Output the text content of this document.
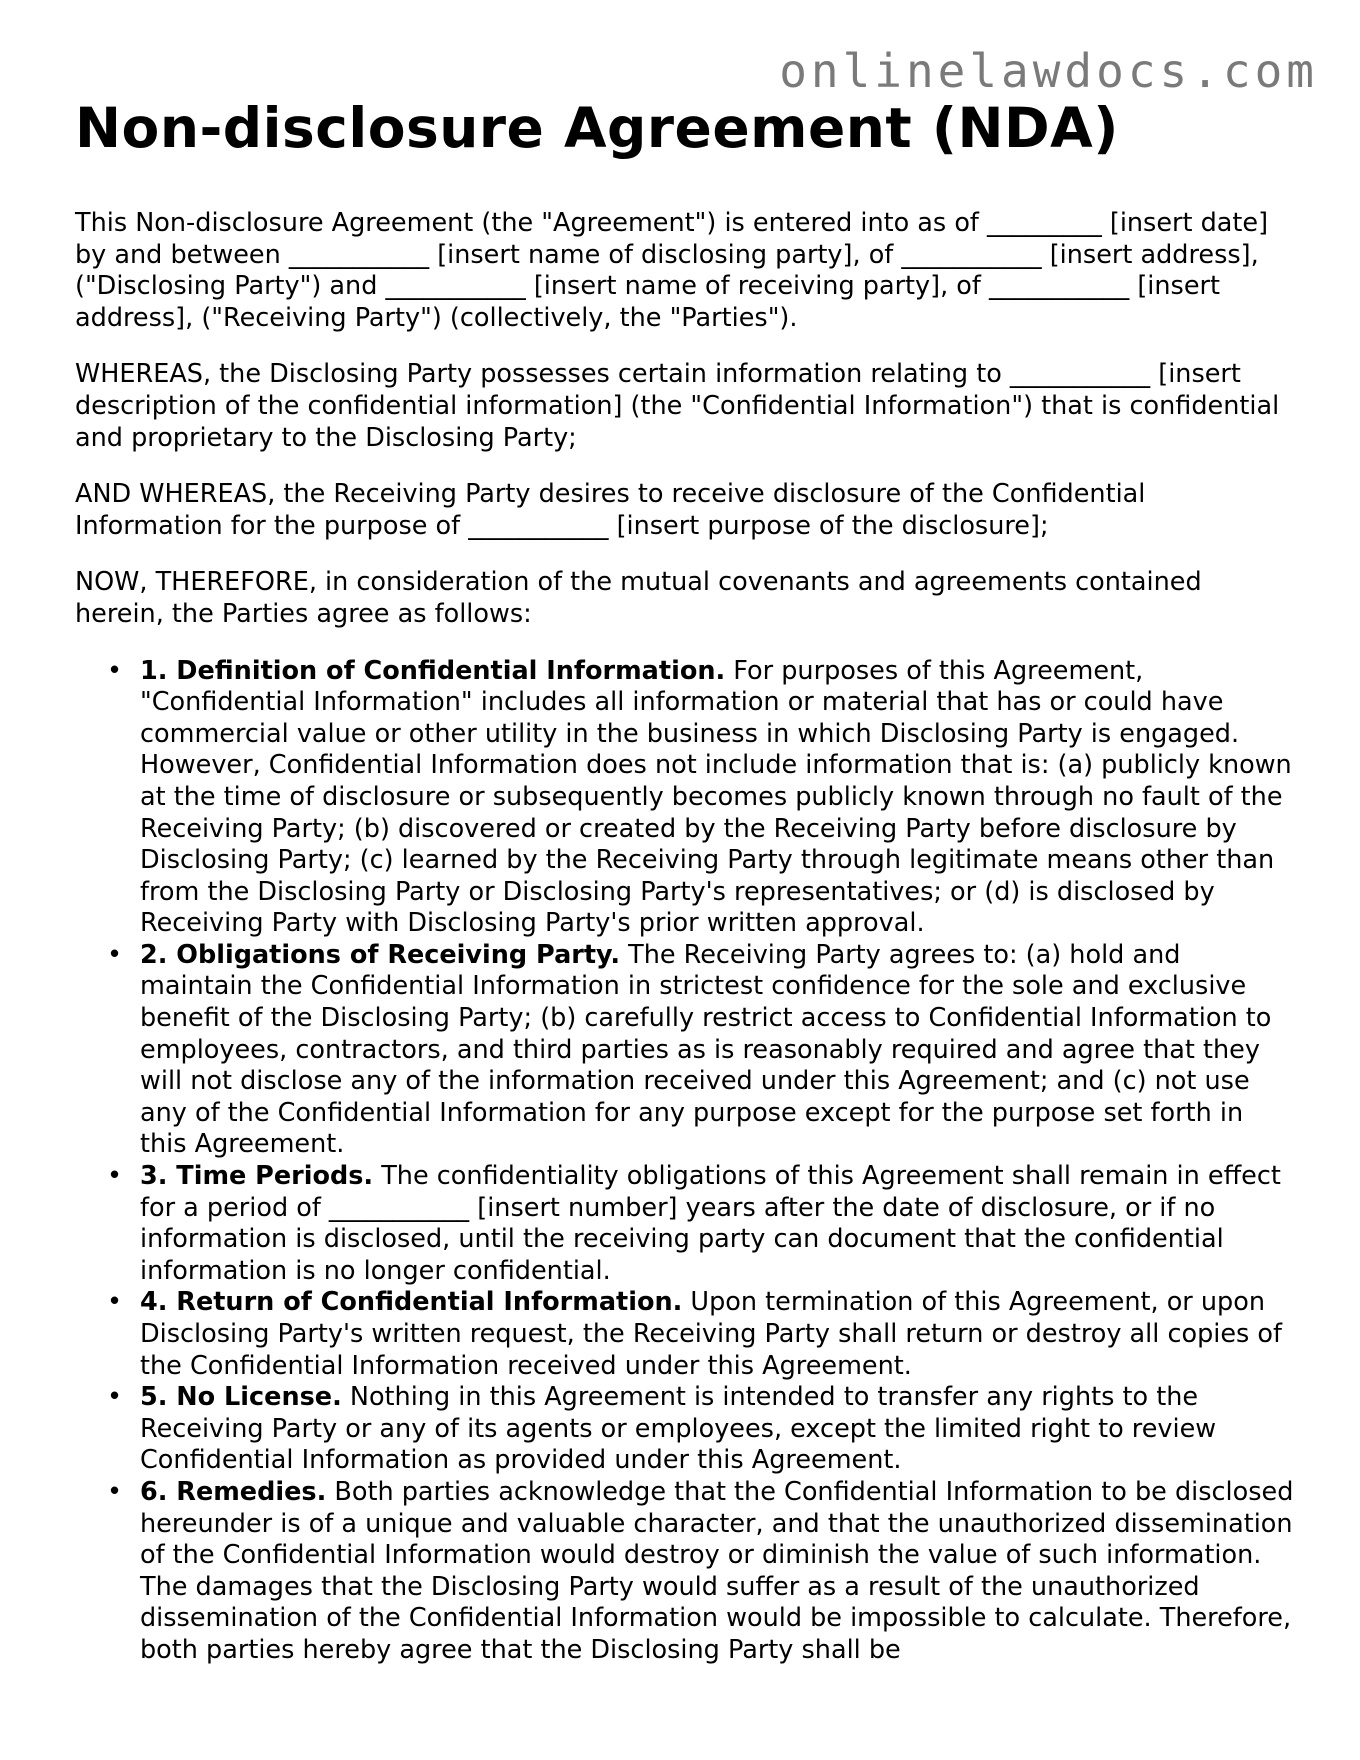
onlinelawdocs.com
Non-disclosure Agreement (NDA)

This Non-disclosure Agreement (the "Agreement") is entered into as of _________ [insert date] by and between ___________ [insert name of disclosing party], of ___________ [insert address], ("Disclosing Party") and ___________ [insert name of receiving party], of ___________ [insert address], ("Receiving Party") (collectively, the "Parties").

WHEREAS, the Disclosing Party possesses certain information relating to ___________ [insert description of the confidential information] (the "Confidential Information") that is confidential and proprietary to the Disclosing Party;

AND WHEREAS, the Receiving Party desires to receive disclosure of the Confidential Information for the purpose of ___________ [insert purpose of the disclosure];

NOW, THEREFORE, in consideration of the mutual covenants and agreements contained herein, the Parties agree as follows:

• 1. Definition of Confidential Information. For purposes of this Agreement, "Confidential Information" includes all information or material that has or could have commercial value or other utility in the business in which Disclosing Party is engaged. However, Confidential Information does not include information that is: (a) publicly known at the time of disclosure or subsequently becomes publicly known through no fault of the Receiving Party; (b) discovered or created by the Receiving Party before disclosure by Disclosing Party; (c) learned by the Receiving Party through legitimate means other than from the Disclosing Party or Disclosing Party's representatives; or (d) is disclosed by Receiving Party with Disclosing Party's prior written approval.
• 2. Obligations of Receiving Party. The Receiving Party agrees to: (a) hold and maintain the Confidential Information in strictest confidence for the sole and exclusive benefit of the Disclosing Party; (b) carefully restrict access to Confidential Information to employees, contractors, and third parties as is reasonably required and agree that they will not disclose any of the information received under this Agreement; and (c) not use any of the Confidential Information for any purpose except for the purpose set forth in this Agreement.
• 3. Time Periods. The confidentiality obligations of this Agreement shall remain in effect for a period of ___________ [insert number] years after the date of disclosure, or if no information is disclosed, until the receiving party can document that the confidential information is no longer confidential.
• 4. Return of Confidential Information. Upon termination of this Agreement, or upon Disclosing Party's written request, the Receiving Party shall return or destroy all copies of the Confidential Information received under this Agreement.
• 5. No License. Nothing in this Agreement is intended to transfer any rights to the Receiving Party or any of its agents or employees, except the limited right to review Confidential Information as provided under this Agreement.
• 6. Remedies. Both parties acknowledge that the Confidential Information to be disclosed hereunder is of a unique and valuable character, and that the unauthorized dissemination of the Confidential Information would destroy or diminish the value of such information. The damages that the Disclosing Party would suffer as a result of the unauthorized dissemination of the Confidential Information would be impossible to calculate. Therefore, both parties hereby agree that the Disclosing Party shall be
